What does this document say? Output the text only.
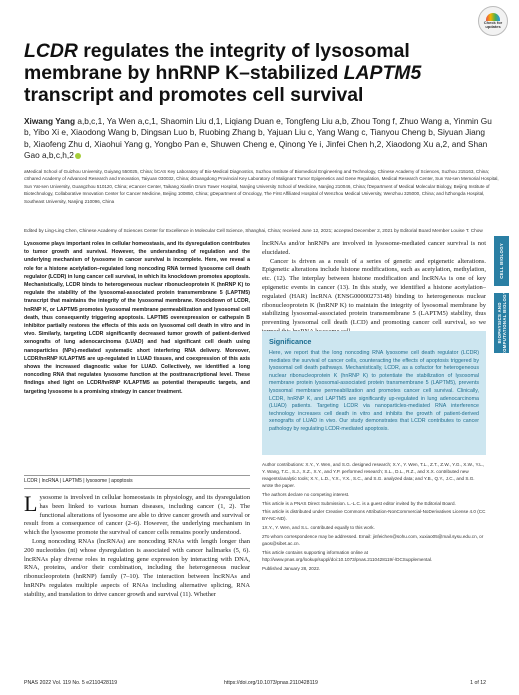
Check for
updates
LCDR regulates the integrity of lysosomal membrane by hnRNP K–stabilized LAPTM5 transcript and promotes cell survival
Xiwang Yang a,b,c,1, Ya Wen a,c,1, Shaomin Liu d,1, Liqiang Duan e, Tongfeng Liu a,b, Zhou Tong f, Zhuo Wang a, Yinmin Gu b, Yibo Xi e, Xiaodong Wang b, Dingsan Luo b, Ruobing Zhang b, Yajuan Liu c, Yang Wang c, Tianyou Cheng b, Siyuan Jiang b, Xiaofeng Zhu d, Xiaohui Yang g, Yongbo Pan e, Shuwen Cheng e, Qinong Ye i, Jinfei Chen h,2, Xiaodong Xu a,2, and Shan Gao a,b,c,h,2
aMedical School of Guizhou University, Guiyang 550025, China; bCAS Key Laboratory of Bio-Medical Diagnostics, Suzhou Institute of Biomedical Engineering and Technology, Chinese Academy of Sciences, Suzhou 215163, China; cShared Academy of Advanced Research and Innovation, Taiyuan 030032, China; dGuangdong Provincial Key Laboratory of Malignant Tumor Epigenetics and Gene Regulation, Medical Research Center, Sun Yat-sen Memorial Hospital, Sun Yat-sen University, Guangzhou 510120, China; eCancer Center, Taikang Xianlin Drum Tower Hospital, Nanjing University School of Medicine, Nanjing 210046, China; fDepartment of Medical Molecular Biology, Beijing Institute of Biotechnology, Collaborative Innovation Center for Cancer Medicine, Beijing 100850, China; gDepartment of Oncology, The First Affiliated Hospital of Wenzhou Medical University, Wenzhou 325000, China; and hZhongda Hospital, Southeast University, Nanjing 210096, China
Edited by Ling-Ling Chen, Chinese Academy of Sciences Center for Excellence in Molecular Cell Science, Shanghai, China; received June 12, 2021; accepted December 2, 2021 by Editorial Board Member Louise T. Chow
Lysosome plays important roles in cellular homeostasis, and its dysregulation contributes to tumor growth and survival. However, the understanding of regulation and the underlying mechanism of lysosome in cancer survival is incomplete. Here, we reveal a role for a histone acetylation–regulated long noncoding RNA termed lysosome cell death regulator (LCDR) in lung cancer cell survival, in which its knockdown promotes apoptosis. Mechanistically, LCDR binds to heterogeneous nuclear ribonucleoprotein K (hnRNP K) to regulate the stability of the lysosomal-associated protein transmembrane 5 (LAPTM5) transcript that maintains the integrity of the lysosomal membrane. Knockdown of LCDR, hnRNP K, or LAPTM5 promotes lysosomal membrane permeabilization and lysosomal cell death, thus consequently triggering apoptosis. LAPTM5 overexpression or cathepsin B inhibitor partially restores the effects of this axis on lysosomal cell death in vitro and in vivo. Similarly, targeting LCDR significantly decreased tumor growth of patient-derived xenografts of lung adenocarcinoma (LUAD) and had significant cell death using nanoparticles (NPs)-mediated systematic short interfering RNA delivery. Moreover, LCDR/hnRNP K/LAPTM5 are up-regulated in LUAD tissues, and coexpression of this axis shows the increased diagnostic value for LUAD. Collectively, we identified a long noncoding RNA that regulates lysosome function at the posttranscriptional level. These findings shed light on LCDR/hnRNP K/LAPTM5 as potential therapeutic targets, and targeting lysosome is a promising strategy in cancer treatment.
LCDR | lncRNA | LAPTM5 | lysosome | apoptosis

Lysosome is involved in cellular homeostasis in physiology, and its dysregulation has been linked to various human diseases, including cancer (1, 2). The functional alterations of lysosome are able to drive cancer growth and survival or result from a consequence of cancer (2–6). However, the underlying mechanism in which the lysosome promote the survival of cancer cells remains poorly understood.

Long noncoding RNAs (lncRNAs) are noncoding RNAs with length longer than 200 nucleotides (nt) whose dysregulation is associated with cancer hallmarks (5, 6). lncRNAs play diverse roles in regulating gene expression by interacting with DNA, RNA, proteins, and/or their combination, including the heterogeneous nuclear ribonucleoprotein (hnRNP) family (7–10). The interaction between lncRNAs and hnRNPs regulates multiple aspects of RNAs including alternative splicing, RNA stability, and translation to drive cancer growth and survival (11). Whether

lncRNAs and/or hnRNPs are involved in lysosome-mediated cancer survival is not elucidated.

Cancer is driven as a result of a series of genetic and epigenetic alterations. Epigenetic alterations include histone modifications, such as acetylation, methylation, etc. (12). The interplay between histone modification and lncRNAs is one of key epigenetic events in cancer (13). In this study, we identified a histone acetylation–regulated (HAR) lncRNA (ENSG00000273148) binding to heterogeneous nuclear ribonucleoprotein K (hnRNP K) to maintain the integrity of lysosomal membrane by stabilizing lysosomal-associated protein transmembrane 5 (LAPTM5) stability, thus preventing lysosomal cell death (LCD) and promoting cancer cell survival, so we

Significance
Here, we report that the long noncoding RNA lysosome cell death regulator (LCDR) mediates the survival of cancer cells, counteracting the effects of apoptosis triggered by lysosomal cell death pathways. Mechanistically, LCDR, as a cofactor for heterogeneous nuclear ribonucleoprotein K (hnRNP K) to potentiate the stabilization of lysosomal membrane protein lysosomal-associated protein transmembrane 5 (LAPTM5), prevents lysosomal membrane permeabilization and promotes cancer cell survival. Clinically, LCDR, hnRNP K, and LAPTM5 are significantly up-regulated in lung adenocarcinoma (LUAD) patients. Targeting LCDR via nanoparticles-mediated RNA interference technology increases cell death in vitro and inhibits the growth of patient-derived xenografts of LUAD in vivo. Our study demonstrates that LCDR contributes to cancer pathology by regulating LCDR-mediated apoptosis.

Author contributions: X.Y., Y. Wen, and S.G. designed research; X.Y., Y. Wen, T.L., Z.T., Z.W., Y.G., X.W., Y.L., Y. Wang, T.C., S.J., X.Z., X.Y., and Y.P. performed research; S.L., D.L., R.Z., and X.X. contributed new reagents/analytic tools; X.Y., L.D., Y.X., Y.X., S.C., and S.G. analyzed data; and Y.B., Q.Y., J.C., and S.G. wrote the paper.

The authors declare no competing interest.

This article is a PNAS Direct Submission. L.-L.C. is a guest editor invited by the Editorial Board.

This article is distributed under Creative Commons Attribution-NonCommercial-NoDerivatives License 4.0 (CC BY-NC-ND).

1X.Y., Y. Wen, and S.L. contributed equally to this work.

2To whom correspondence may be addressed. Email: jinfeichen@sohu.com, xuxiao05@mail.sysu.edu.cn, or gaos@sibet.ac.cn.

This article contains supporting information online at http://www.pnas.org/lookup/suppl/doi:10.1073/pnas.2110428119/-/DCSupplemental.

Published January 28, 2022.

CELL BIOLOGY
BIOPHYSICS AND
COMPUTATIONAL BIOLOGY
PNAS 2022 Vol. 119 No. 5 e2110428119	https://doi.org/10.1073/pnas.2110428119	1 of 12
